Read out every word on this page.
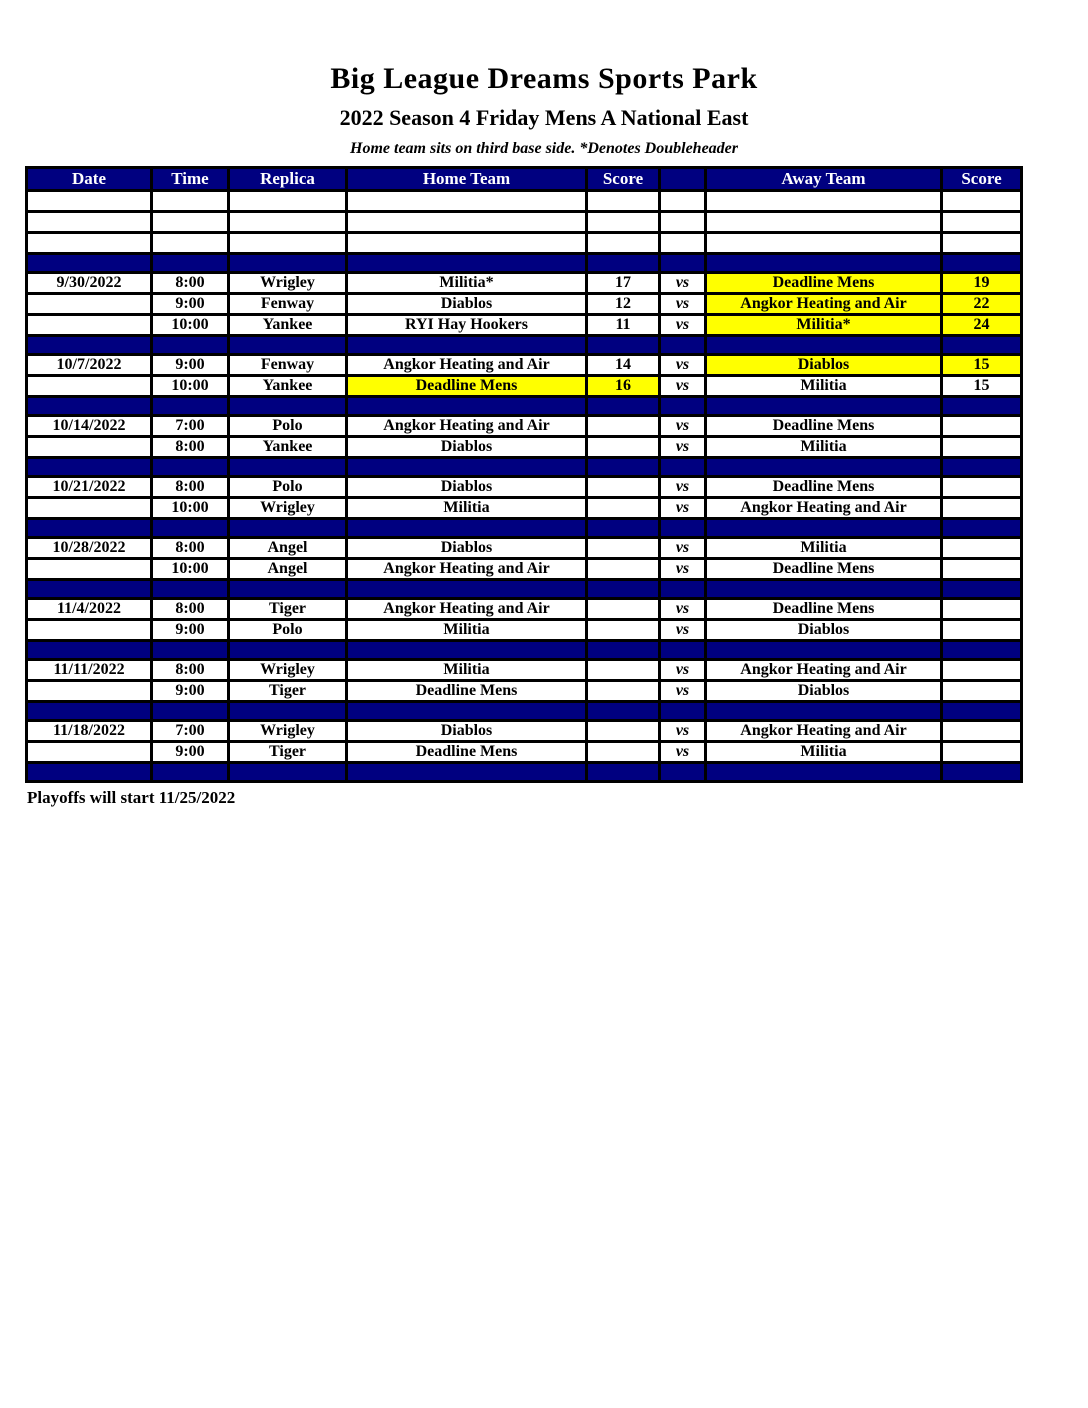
Big League Dreams Sports Park
2022 Season 4 Friday Mens A National East
Home team sits on third base side. *Denotes Doubleheader
Date	Time	Replica	Home Team	Score		Away Team	Score

9/30/2022	8:00	Wrigley	Militia*	17	vs	Deadline Mens	19
	9:00	Fenway	Diablos	12	vs	Angkor Heating and Air	22
	10:00	Yankee	RYI Hay Hookers	11	vs	Militia*	24

10/7/2022	9:00	Fenway	Angkor Heating and Air	14	vs	Diablos	15
	10:00	Yankee	Deadline Mens	16	vs	Militia	15

10/14/2022	7:00	Polo	Angkor Heating and Air		vs	Deadline Mens	
	8:00	Yankee	Diablos		vs	Militia	

10/21/2022	8:00	Polo	Diablos		vs	Deadline Mens	
	10:00	Wrigley	Militia		vs	Angkor Heating and Air	

10/28/2022	8:00	Angel	Diablos		vs	Militia	
	10:00	Angel	Angkor Heating and Air		vs	Deadline Mens	

11/4/2022	8:00	Tiger	Angkor Heating and Air		vs	Deadline Mens	
	9:00	Polo	Militia		vs	Diablos	

11/11/2022	8:00	Wrigley	Militia		vs	Angkor Heating and Air	
	9:00	Tiger	Deadline Mens		vs	Diablos	

11/18/2022	7:00	Wrigley	Diablos		vs	Angkor Heating and Air	
	9:00	Tiger	Deadline Mens		vs	Militia	

Playoffs will start 11/25/2022
